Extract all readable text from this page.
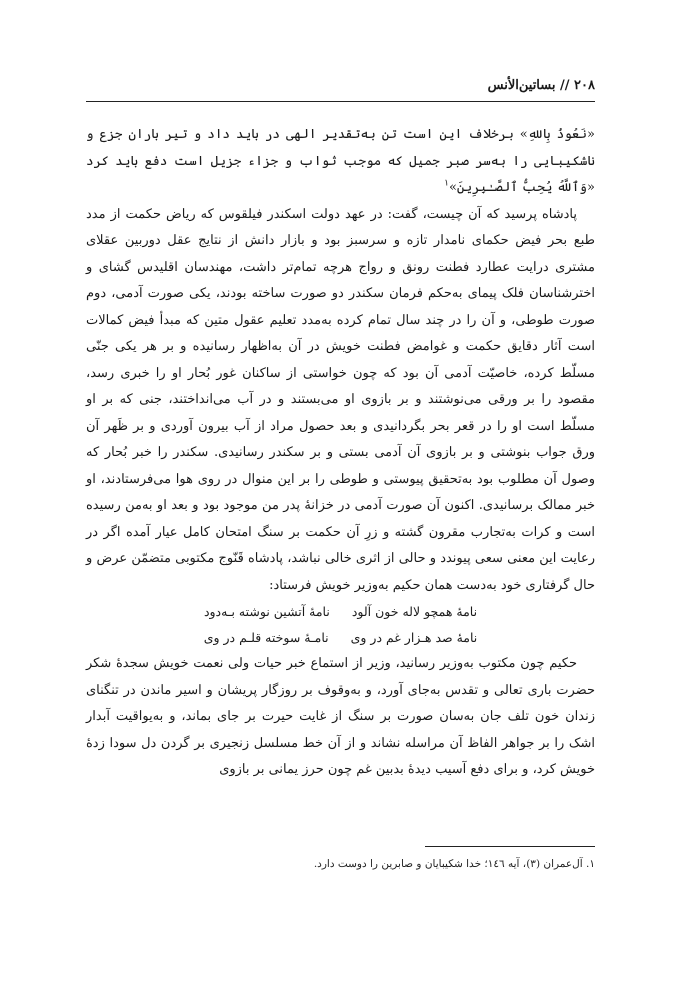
۲۰۸ // بساتین‌الأنس

«نَعُوذُ بِاللهِ» برخلاف این است تن به‌تقدیر الهی در باید داد و تیر باران جزع و ناشکیبایی را به‌سر صبر جمیل که موجب ثواب و جزاء جزیل است دفع باید کرد «وَٱللَّهُ يُحِبُّ ٱلصَّـٰبِرِينَ»$^۱$

پادشاه پرسید که آن چیست، گفت: در عهد دولت اسکندر فیلقوس که ریاض حکمت از مدد طبع بحر فیض حکمای نامدار تازه و سرسبز بود و بازار دانش از نتایج عقل دوربین عقلای مشتری درایت عطارد فطنت رونق و رواج هرچه تمام‌تر داشت، مهندسان اقلیدس گشای و اخترشناسان فلک پیمای به‌حکم فرمان سکندر دو صورت ساخته بودند، یکی صورت آدمی، دوم صورت طوطی، و آن را در چند سال تمام کرده به‌مدد تعلیم عقول متین که مبدأ فیض کمالات است آثار دقایق حکمت و غوامض فطنت خویش در آن به‌اظهار رسانیده و بر هر یکی جنّی مسلّط کرده، خاصیّت آدمی آن بود که چون خواستی از ساکنان غور بُحار او را خبری رسد، مقصود را بر ورقی می‌نوشتند و بر بازوی او می‌بستند و در آب می‌انداختند، جنی که بر او مسلّط است او را در قعر بحر بگردانیدی و بعد حصول مراد از آب بیرون آوردی و بر ظَهر آن ورق جواب بنوشتی و بر بازوی آن آدمی بستی و بر سکندر رسانیدی. سکندر را خبر بُحار که وصول آن مطلوب بود به‌تحقیق پیوستی و طوطی را بر این منوال در روی هوا می‌فرستادند، او خبر ممالک برسانیدی. اکنون آن صورت آدمی در خزانهٔ پدر من موجود بود و بعد او به‌من رسیده است و کرات به‌تجارب مقرون گشته و زرِ آن حکمت بر سنگ امتحان کامل عیار آمده اگر در رعایت این معنی سعی پیوندد و حالی از اثری خالی نباشد، پادشاه قَنّوج مکتوبی متضمّن عرض و حال گرفتاری خود به‌دست همان حکیم به‌وزیر خویش فرستاد:

نامهٔ همچو لاله خون آلود
نامهٔ آتشین نوشته بـه‌دود
نامهٔ صد هـزار غم در وی
نامـهٔ سوخته قلـم در وی

حکیم چون مکتوب به‌وزیر رسانید، وزیر از استماع خبر حیات ولی نعمت خویش سجدهٔ شکر حضرت باری تعالی و تقدس به‌جای آورد، و به‌وقوف بر روزگار پریشان و اسیر ماندن در تنگنای زندان خون تلف جان به‌سان صورت بر سنگ از غایت حیرت بر جای بماند، و به‌یواقیت آبدار اشک را بر جواهر الفاظ آن مراسله نشاند و از آن خط مسلسل زنجیری بر گردن دل سودا زدهٔ خویش کرد، و برای دفع آسیب دیدهٔ بدبین غم چون حرز یمانی بر بازوی

۱. آل‌عمران (۳)، آیه ۱٤٦؛ خدا شکیبایان و صابرین را دوست دارد.
